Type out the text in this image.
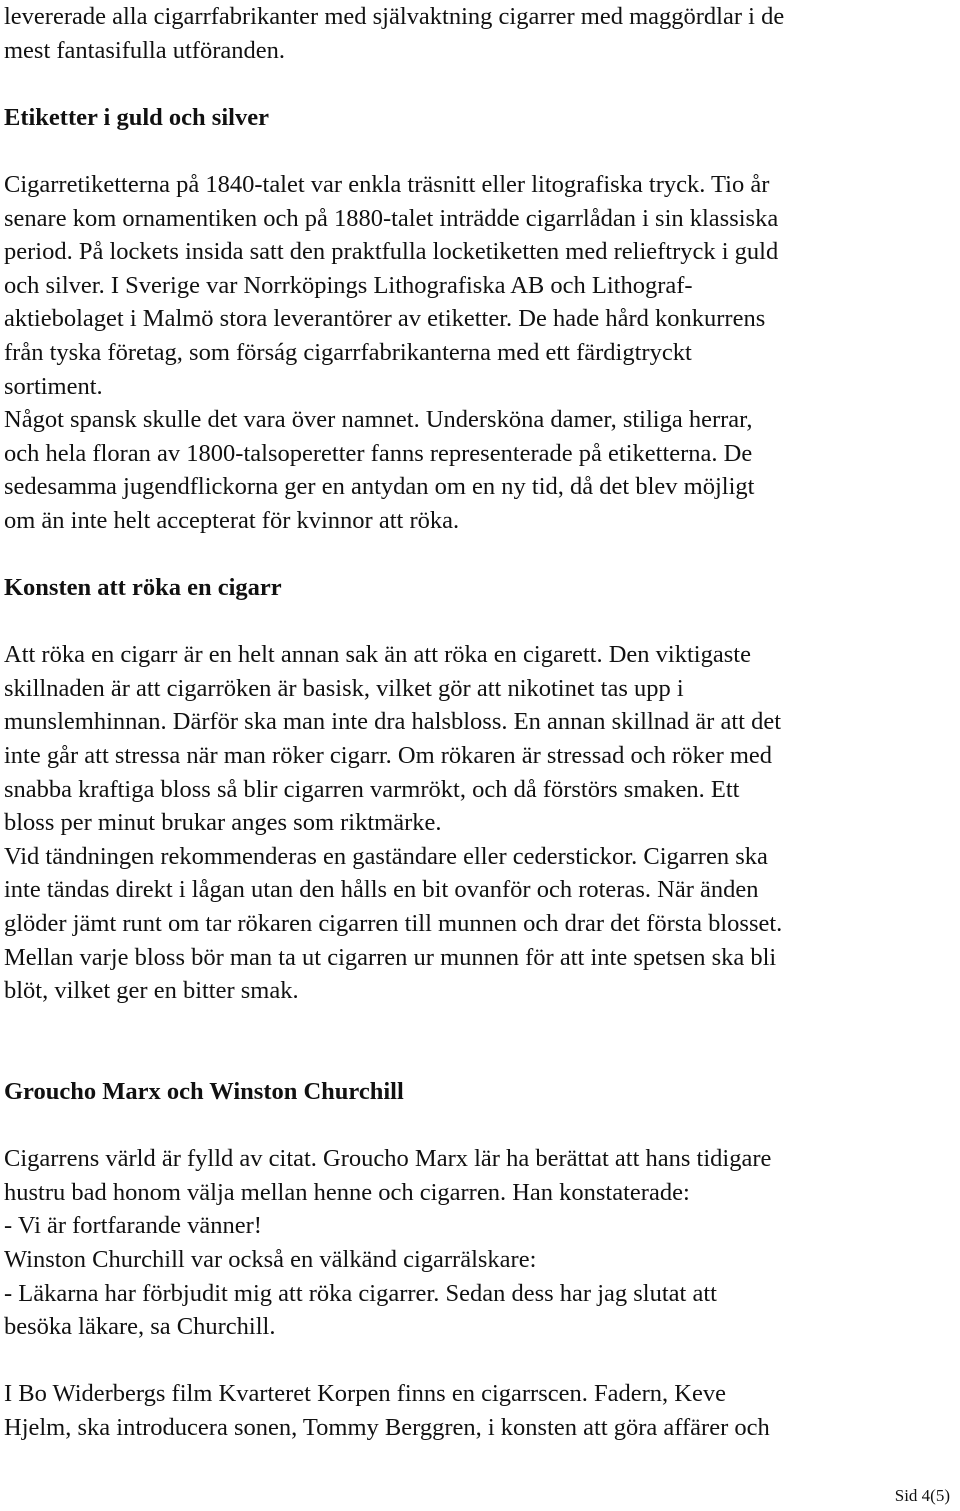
levererade alla cigarrfabrikanter med självaktning cigarrer med maggördlar i de
mest fantasifulla utföranden.
Etiketter i guld och silver
Cigarretiketterna på 1840-talet var enkla träsnitt eller litografiska tryck. Tio år
senare kom ornamentiken och på 1880-talet inträdde cigarrlådan i sin klassiska
period. På lockets insida satt den praktfulla locketiketten med relieftryck i guld
och silver. I Sverige var Norrköpings Lithografiska AB och Lithograf-
aktiebolaget i Malmö stora leverantörer av etiketter. De hade hård konkurrens
från tyska företag, som förság cigarrfabrikanterna med ett färdigtryckt
sortiment.
Något spansk skulle det vara över namnet. Undersköna damer, stiliga herrar,
och hela floran av 1800-talsoperetter fanns representerade på etiketterna. De
sedesamma jugendflickorna ger en antydan om en ny tid, då det blev möjligt
om än inte helt accepterat för kvinnor att röka.
Konsten att röka en cigarr
Att röka en cigarr är en helt annan sak än att röka en cigarett. Den viktigaste
skillnaden är att cigarröken är basisk, vilket gör att nikotinet tas upp i
munslemhinnan. Därför ska man inte dra halsbloss. En annan skillnad är att det
inte går att stressa när man röker cigarr. Om rökaren är stressad och röker med
snabba kraftiga bloss så blir cigarren varmrökt, och då förstörs smaken. Ett
bloss per minut brukar anges som riktmärke.
Vid tändningen rekommenderas en gaständare eller cederstickor. Cigarren ska
inte tändas direkt i lågan utan den hålls en bit ovanför och roteras. När änden
glöder jämt runt om tar rökaren cigarren till munnen och drar det första blosset.
Mellan varje bloss bör man ta ut cigarren ur munnen för att inte spetsen ska bli
blöt, vilket ger en bitter smak.
Groucho Marx och Winston Churchill
Cigarrens värld är fylld av citat. Groucho Marx lär ha berättat att hans tidigare
hustru bad honom välja mellan henne och cigarren. Han konstaterade:
- Vi är fortfarande vänner!
Winston Churchill var också en välkänd cigarrälskare:
- Läkarna har förbjudit mig att röka cigarrer. Sedan dess har jag slutat att
besöka läkare, sa Churchill.
I Bo Widerbergs film Kvarteret Korpen finns en cigarrscen. Fadern, Keve
Hjelm, ska introducera sonen, Tommy Berggren, i konsten att göra affärer och
Sid 4(5)
